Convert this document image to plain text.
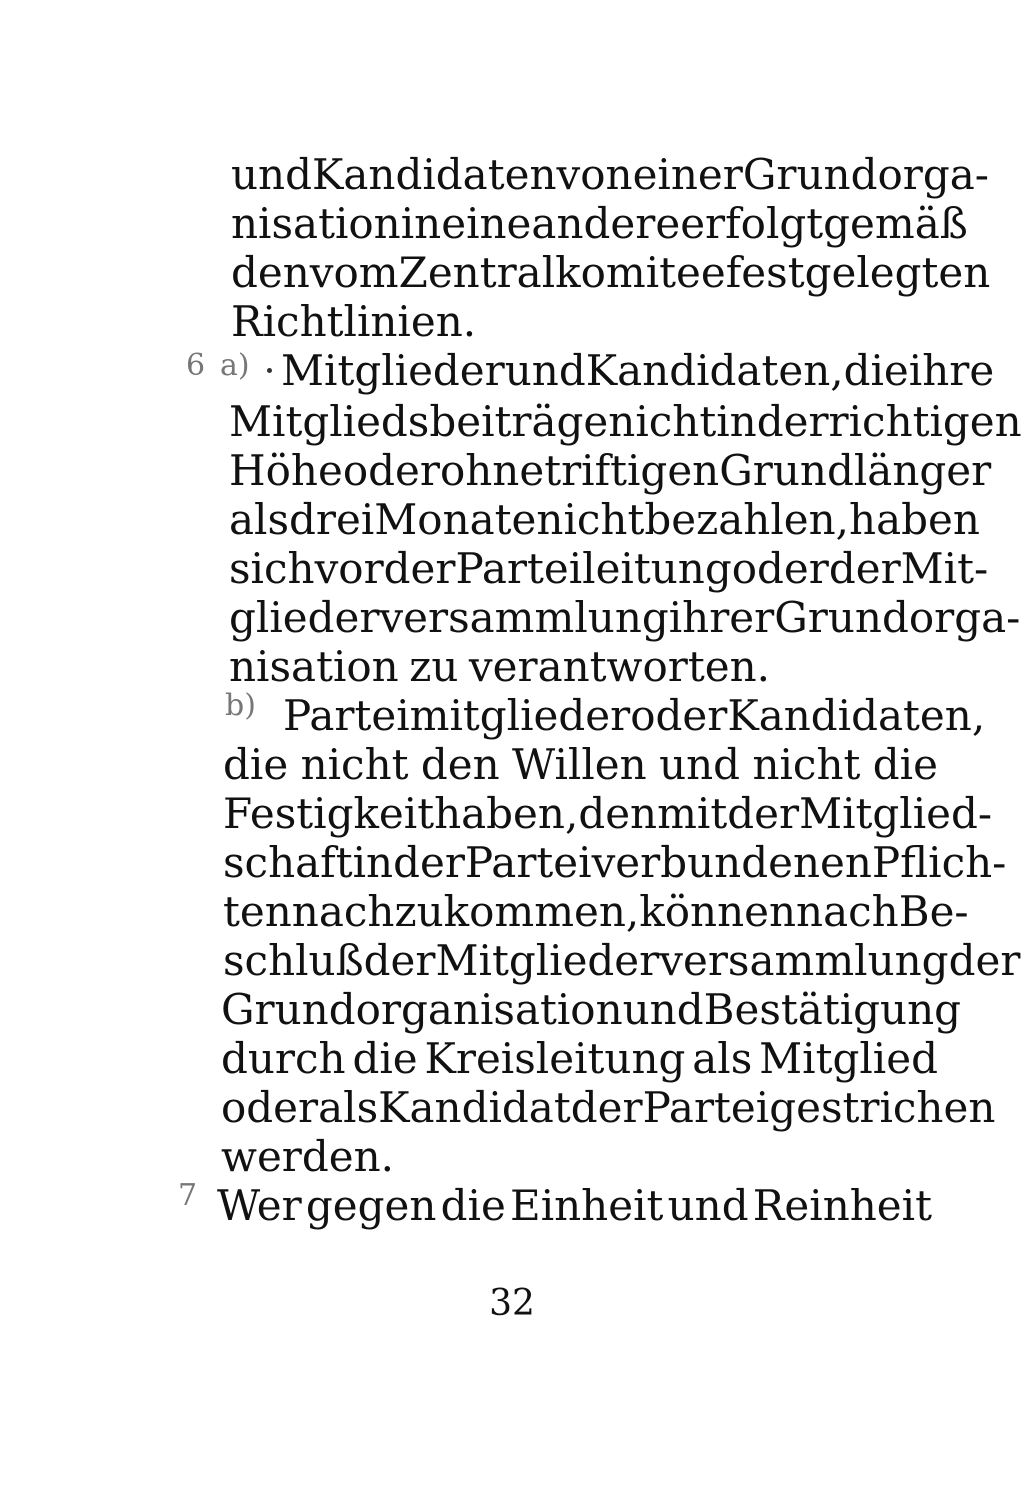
6 a)
b)
7
und Kandidaten von einer Grundorga-
nisation in eine andere erfolgt gemäß
den vom Zentralkomitee festgelegten
Richtlinien.
Mitglieder und Kandidaten, die ihre
Mitgliedsbeiträge nicht in der richtigen
Höhe oder ohne triftigen Grund länger
als drei Monate nicht bezahlen, haben
sich vor der Parteileitung oder der Mit-
gliederversammlung ihrer Grundorga-
nisation zu verantworten.
Parteimitglieder oder Kandidaten,
die nicht den Willen und nicht die
Festigkeit haben, den mit der Mitglied-
schaft in der Partei verbundenen Pflich-
ten nachzukommen, können nach Be-
schluß der Mitgliederversammlung der
Grundorganisation und Bestätigung
durch die Kreisleitung als Mitglied
oder als Kandidat der Partei gestrichen
werden.
Wer gegen die Einheit und Reinheit
32
